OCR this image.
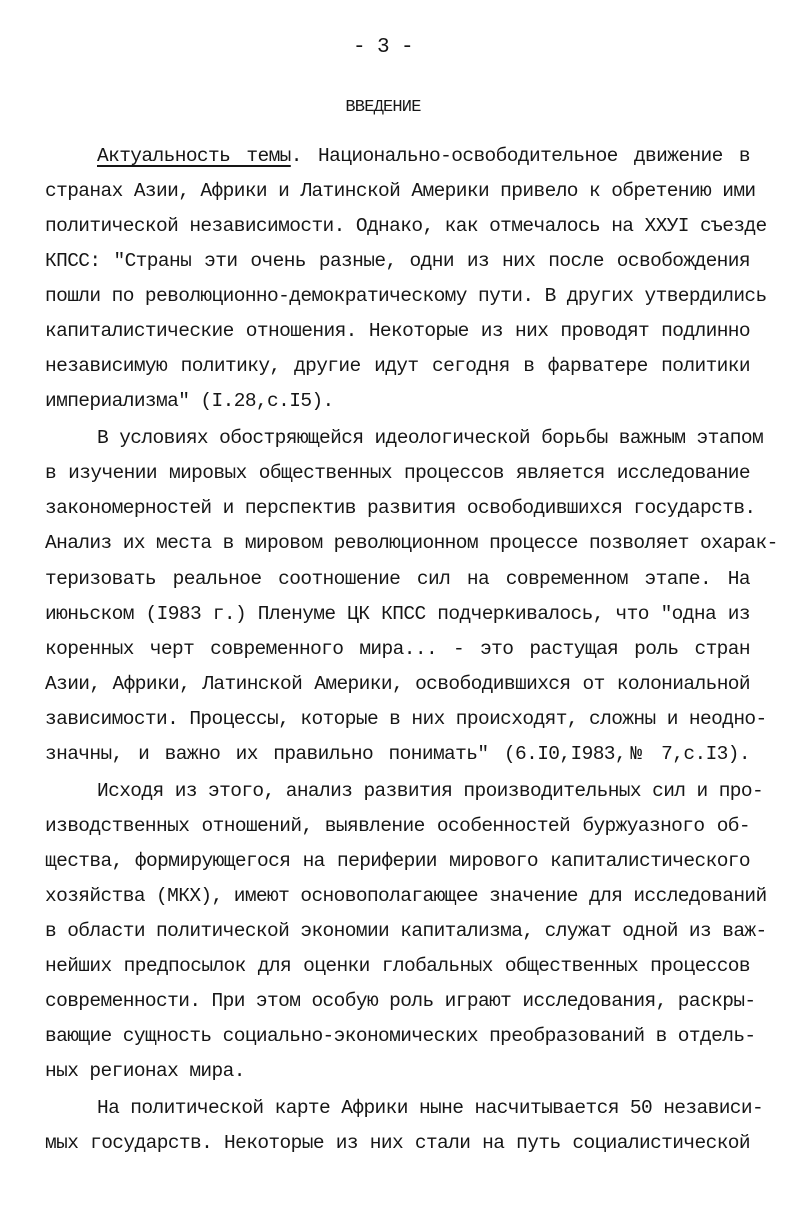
- 3 -
ВВЕДЕНИЕ
Актуальность темы. Национально-освободительное движение в
странах Азии, Африки и Латинской Америки привело к обретению ими
политической независимости. Однако, как отмечалось на XXУI съезде
КПСС: "Страны эти очень разные, одни из них после освобождения
пошли по революционно-демократическому пути. В других утвердились
капиталистические отношения. Некоторые из них проводят подлинно
независимую политику, другие идут сегодня в фарватере политики
империализма" (I.28,с.I5).
В условиях обостряющейся идеологической борьбы важным этапом
в изучении мировых общественных процессов является исследование
закономерностей и перспектив развития освободившихся государств.
Анализ их места в мировом революционном процессе позволяет охарак-
теризовать реальное соотношение сил на современном этапе. На
июньском (I983 г.) Пленуме ЦК КПСС подчеркивалось, что "одна из
коренных черт современного мира... - это растущая роль стран
Азии, Африки, Латинской Америки, освободившихся от колониальной
зависимости. Процессы, которые в них происходят, сложны и неодно-
значны, и важно их правильно понимать" (6.I0,I983,№ 7,с.I3).
Исходя из этого, анализ развития производительных сил и про-
изводственных отношений, выявление особенностей буржуазного об-
щества, формирующегося на периферии мирового капиталистического
хозяйства (МКХ), имеют основополагающее значение для исследований
в области политической экономии капитализма, служат одной из важ-
нейших предпосылок для оценки глобальных общественных процессов
современности. При этом особую роль играют исследования, раскры-
вающие сущность социально-экономических преобразований в отдель-
ных регионах мира.
На политической карте Африки ныне насчитывается 50 независи-
мых государств. Некоторые из них стали на путь социалистической
